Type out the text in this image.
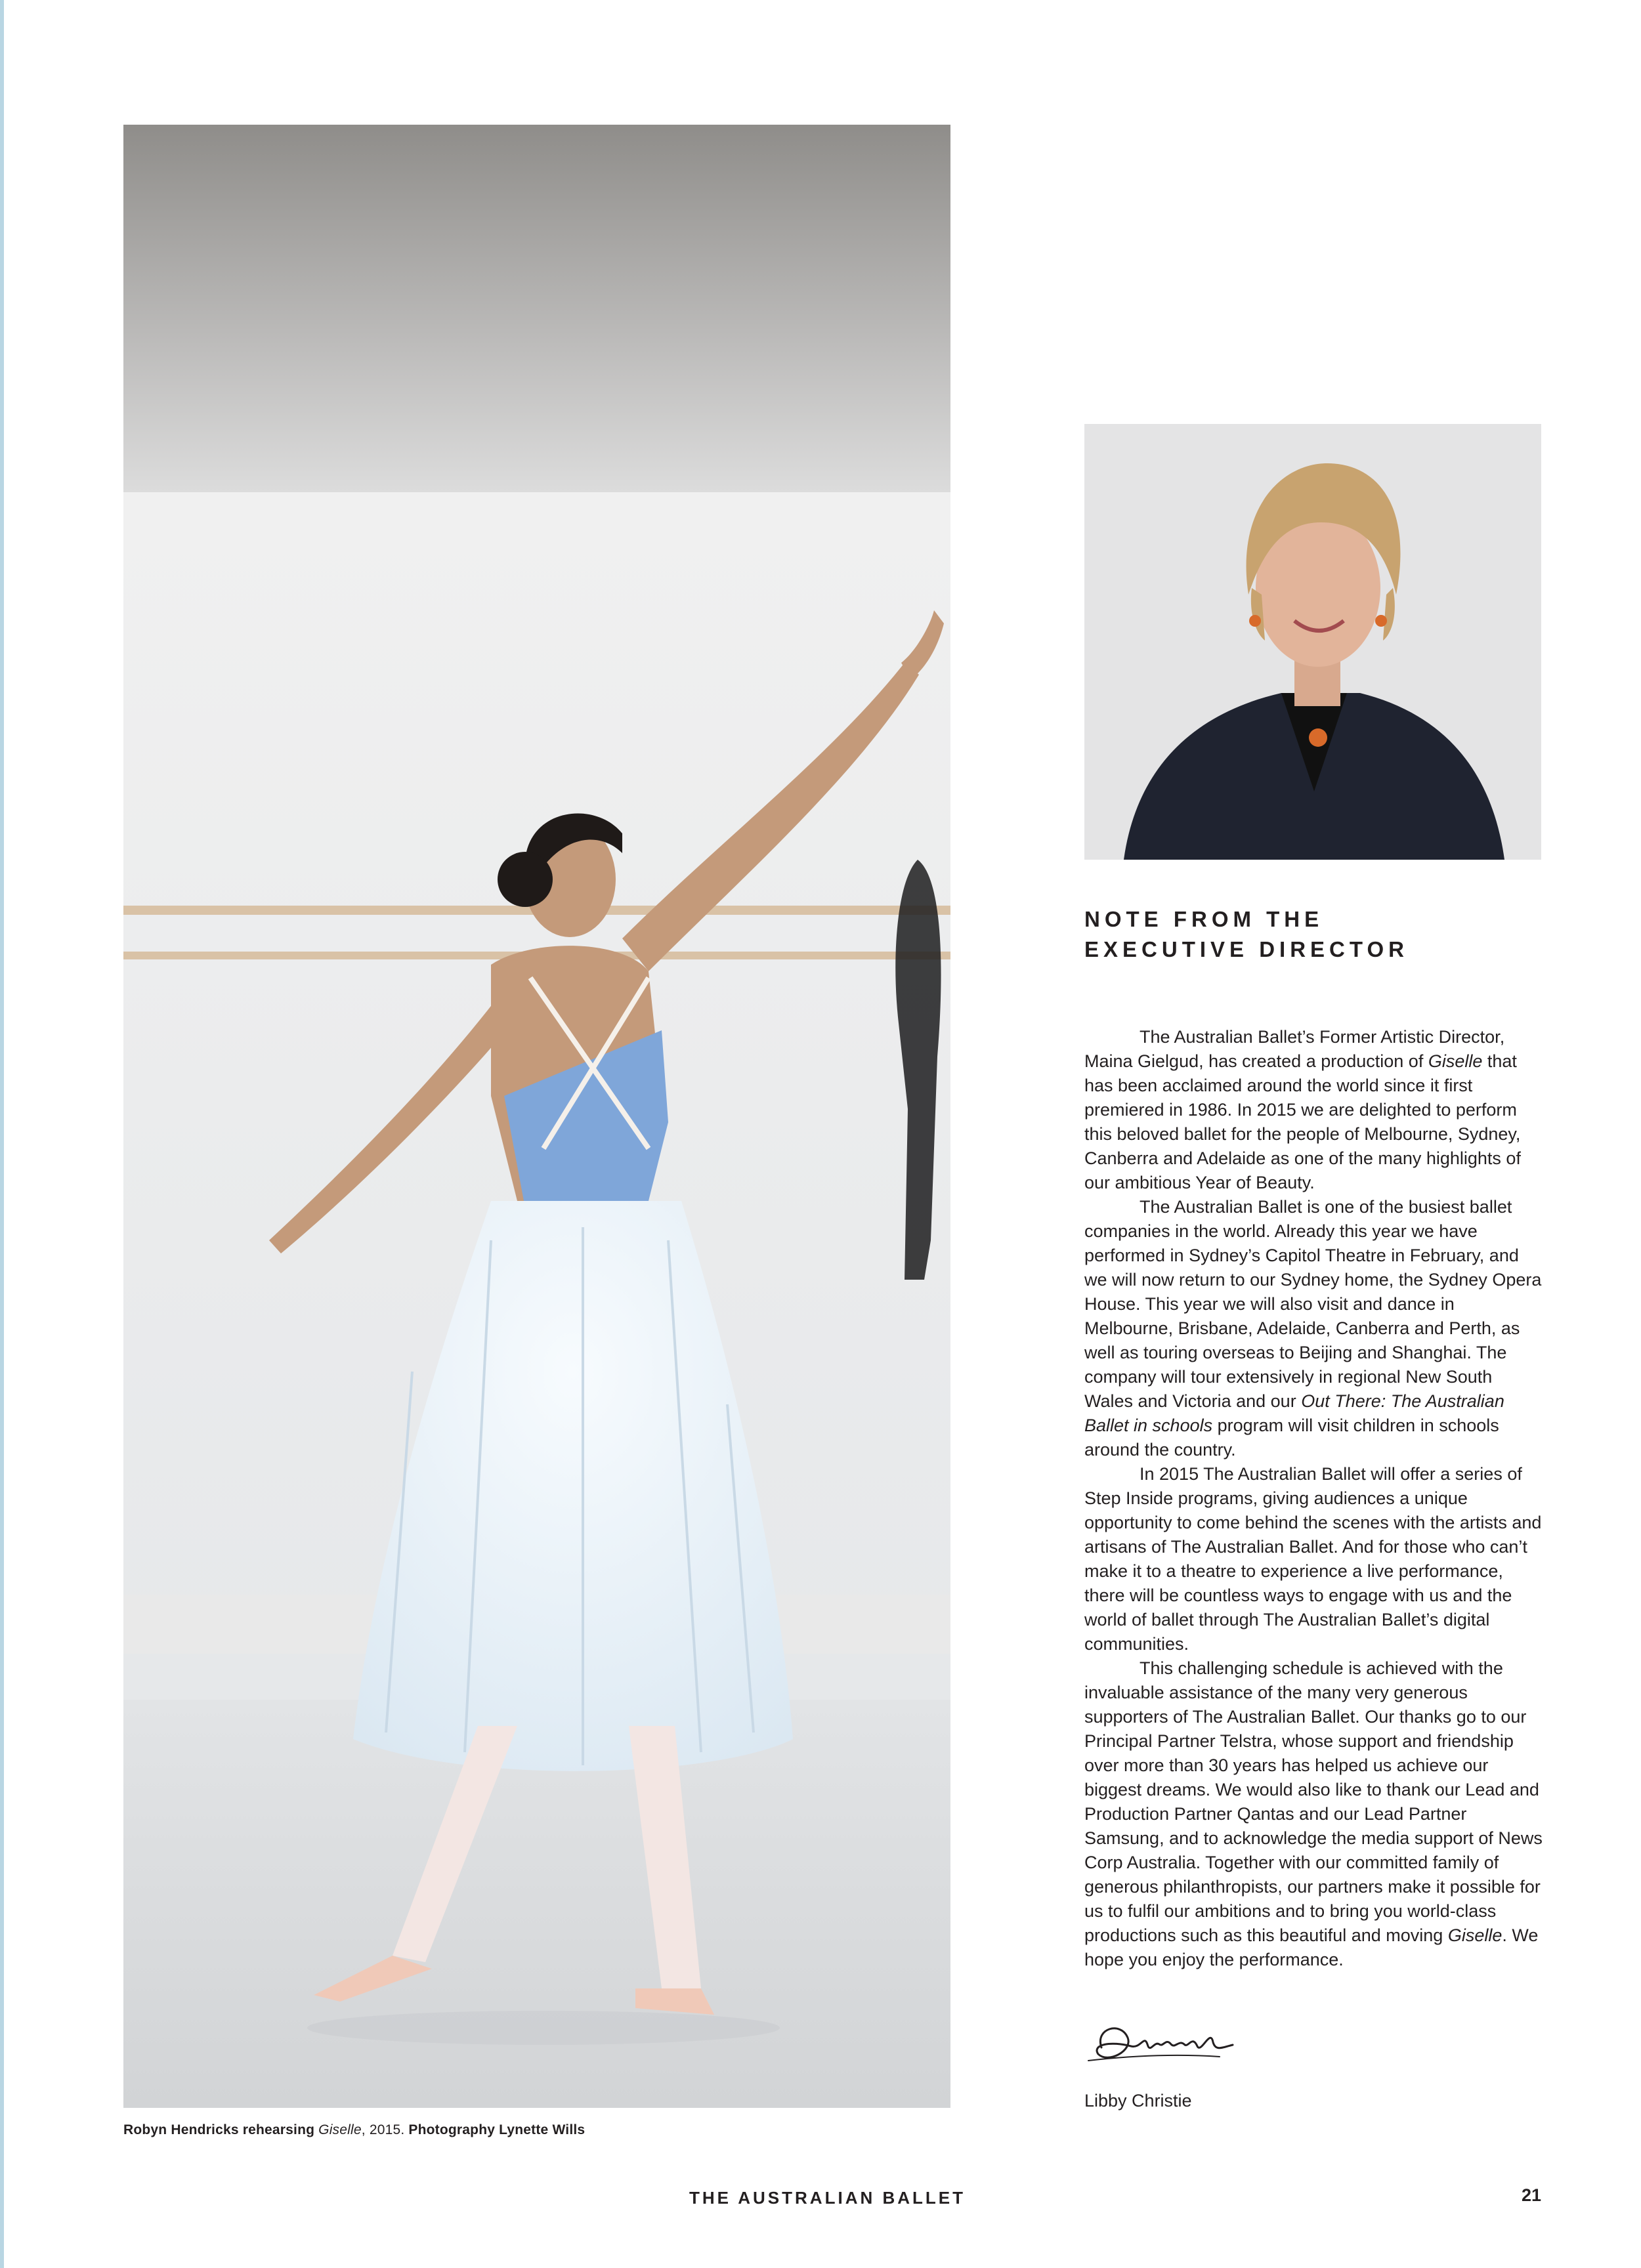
Robyn Hendricks rehearsing Giselle, 2015. Photography Lynette Wills
NOTE FROM THE
EXECUTIVE DIRECTOR

The Australian Ballet’s Former Artistic Director, Maina Gielgud, has created a production of Giselle that has been acclaimed around the world since it first premiered in 1986. In 2015 we are delighted to perform this beloved ballet for the people of Melbourne, Sydney, Canberra and Adelaide as one of the many highlights of our ambitious Year of Beauty.

The Australian Ballet is one of the busiest ballet companies in the world. Already this year we have performed in Sydney’s Capitol Theatre in February, and we will now return to our Sydney home, the Sydney Opera House. This year we will also visit and dance in Melbourne, Brisbane, Adelaide, Canberra and Perth, as well as touring overseas to Beijing and Shanghai. The company will tour extensively in regional New South Wales and Victoria and our Out There: The Australian Ballet in schools program will visit children in schools around the country.

In 2015 The Australian Ballet will offer a series of Step Inside programs, giving audiences a unique opportunity to come behind the scenes with the artists and artisans of The Australian Ballet. And for those who can’t make it to a theatre to experience a live performance, there will be countless ways to engage with us and the world of ballet through The Australian Ballet’s digital communities.

This challenging schedule is achieved with the invaluable assistance of the many very generous supporters of The Australian Ballet. Our thanks go to our Principal Partner Telstra, whose support and friendship over more than 30 years has helped us achieve our biggest dreams. We would also like to thank our Lead and Production Partner Qantas and our Lead Partner Samsung, and to acknowledge the media support of News Corp Australia. Together with our committed family of generous philanthropists, our partners make it possible for us to fulfil our ambitions and to bring you world-class productions such as this beautiful and moving Giselle. We hope you enjoy the performance.

Libby Christie
THE AUSTRALIAN BALLET	21
